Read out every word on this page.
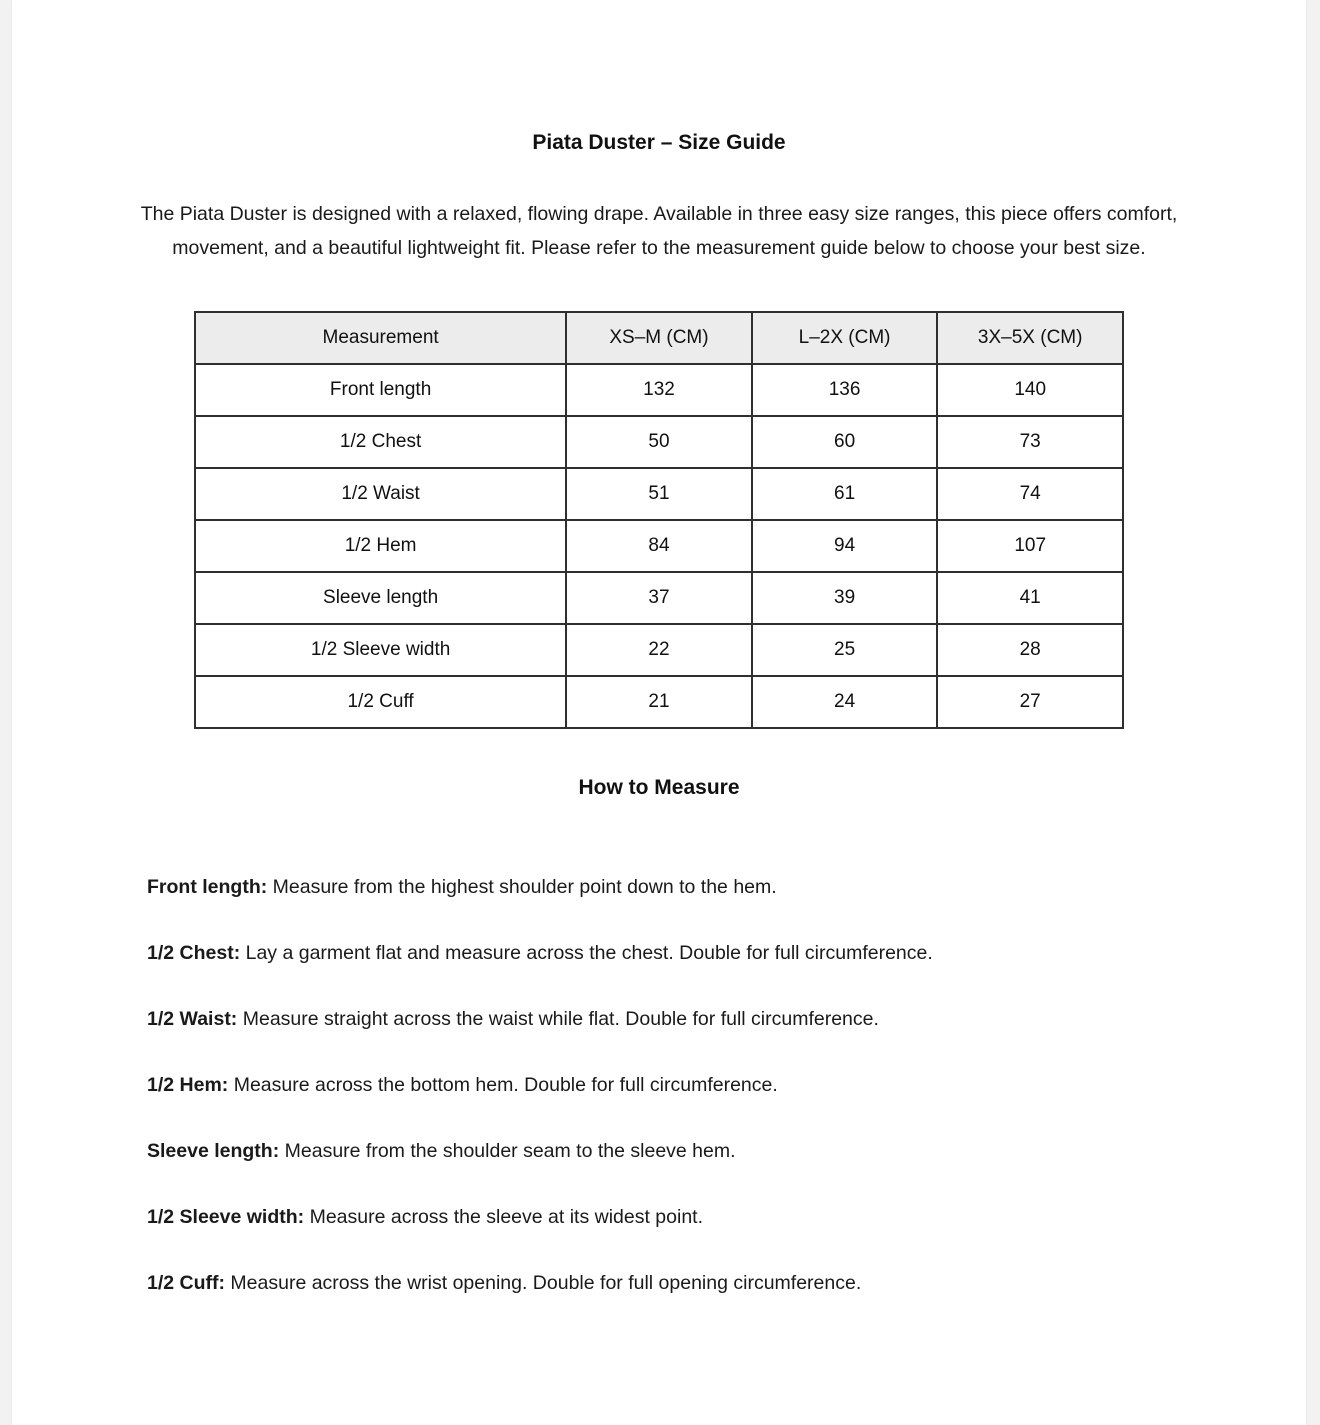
Piata Duster – Size Guide
The Piata Duster is designed with a relaxed, flowing drape. Available in three easy size ranges, this piece offers comfort, movement, and a beautiful lightweight fit. Please refer to the measurement guide below to choose your best size.
Measurement	XS–M (CM)	L–2X (CM)	3X–5X (CM)
Front length	132	136	140
1/2 Chest	50	60	73
1/2 Waist	51	61	74
1/2 Hem	84	94	107
Sleeve length	37	39	41
1/2 Sleeve width	22	25	28
1/2 Cuff	21	24	27
How to Measure

Front length: Measure from the highest shoulder point down to the hem.

1/2 Chest: Lay a garment flat and measure across the chest. Double for full circumference.

1/2 Waist: Measure straight across the waist while flat. Double for full circumference.

1/2 Hem: Measure across the bottom hem. Double for full circumference.

Sleeve length: Measure from the shoulder seam to the sleeve hem.

1/2 Sleeve width: Measure across the sleeve at its widest point.

1/2 Cuff: Measure across the wrist opening. Double for full opening circumference.
